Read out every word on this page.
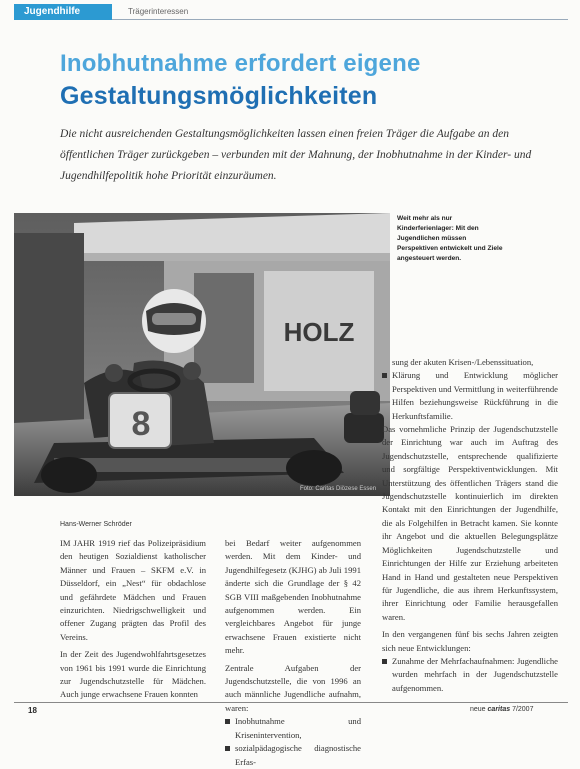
Jugendhilfe	Trägerinteressen
Inobhutnahme erfordert eigene
Gestaltungsmöglichkeiten
Die nicht ausreichenden Gestaltungsmöglichkeiten lassen einen freien Träger die Aufgabe an den öffentlichen Träger zurückgeben – verbunden mit der Mahnung, der Inobhutnahme in der Kinder- und Jugendhilfepolitik hohe Priorität einzuräumen.
HOLZ
8
Foto: Caritas Diözese Essen
Weit mehr als nur Kinderferienlager: Mit den Jugendlichen müssen Perspektiven entwickelt und Ziele angesteuert werden.
Hans-Werner Schröder

IM JAHR 1919 rief das Polizeipräsidium den heutigen Sozialdienst katholischer Männer und Frauen – SKFM e.V. in Düsseldorf, ein „Nest“ für obdachlose und gefährdete Mädchen und Frauen einzurichten. Niedrigschwelligkeit und offener Zugang prägten das Profil des Vereins.

In der Zeit des Jugendwohlfahrtsgesetzes von 1961 bis 1991 wurde die Einrichtung zur Jugendschutzstelle für Mädchen. Auch junge erwachsene Frauen konnten

bei Bedarf weiter aufgenommen werden. Mit dem Kinder- und Jugendhilfegesetz (KJHG) ab Juli 1991 änderte sich die Grundlage der § 42 SGB VIII maßgebenden Inobhutnahme aufgenommen werden. Ein vergleichbares Angebot für junge erwachsene Frauen existierte nicht mehr.

Zentrale Aufgaben der Jugendschutzstelle, die von 1996 an auch männliche Jugendliche aufnahm, waren:

Inobhutnahme und Krisenintervention,

sozialpädagogische diagnostische Erfas-

sung der akuten Krisen-/Lebenssituation,

Klärung und Entwicklung möglicher Perspektiven und Vermittlung in weiterführende Hilfen beziehungsweise Rückführung in die Herkunftsfamilie.

Das vornehmliche Prinzip der Jugendschutzstelle der Einrichtung war auch im Auftrag des Jugendschutzstelle, entsprechende qualifizierte und sorgfältige Perspektiventwicklungen. Mit Unterstützung des öffentlichen Trägers stand die Jugendschutzstelle kontinuierlich im direkten Kontakt mit den Einrichtungen der Jugendhilfe, die als Folgehilfen in Betracht kamen. Sie konnte ihr Angebot und die aktuellen Belegungsplätze Möglichkeiten Jugendschutzstelle und Einrichtungen der Hilfe zur Erziehung arbeiteten Hand in Hand und gestalteten neue Perspektiven für Jugendliche, die aus ihrem Herkunftssystem, ihrer Einrichtung oder Familie herausgefallen waren.

In den vergangenen fünf bis sechs Jahren zeigten sich neue Entwicklungen:

Zunahme der Mehrfachaufnahmen: Jugendliche wurden mehrfach in der Jugendschutzstelle aufgenommen.

18	neue caritas 7/2007
